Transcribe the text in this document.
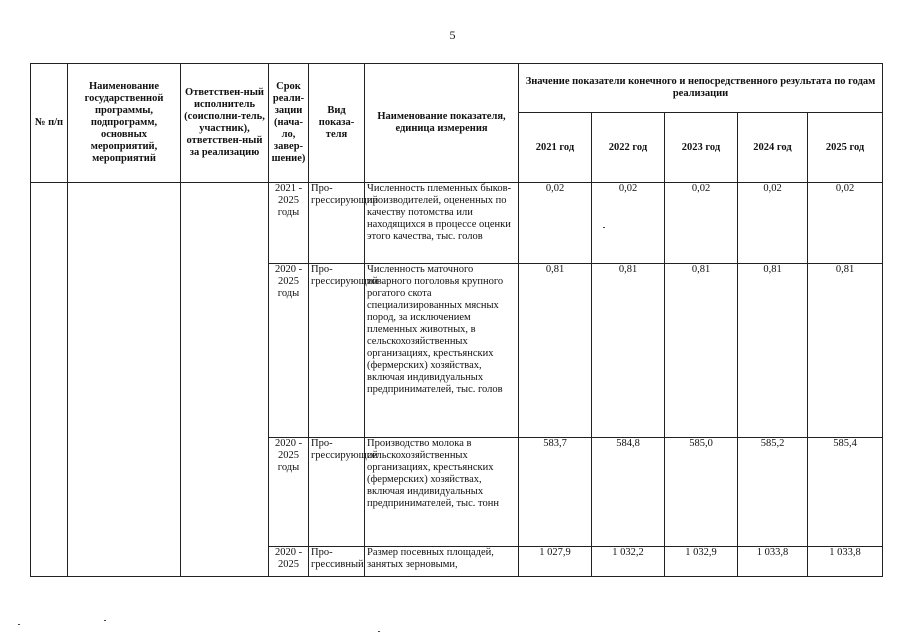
5
№ п/п	Наименование государственной программы, подпрограмм, основных мероприятий, мероприятий	Ответствен-ный исполнитель (соисполни-тель, участник), ответствен-ный за реализацию	Срок реали-зации (нача-ло, завер-шение)	Вид показа-теля	Наименование показателя, единица измерения	Значение показатели конечного и непосредственного результата по годам реализации				
						2021 год	2022 год	2023 год	2024 год	2025 год
			2021 - 2025 годы	Про-грессирующий	Численность племенных быков-производителей, оцененных по качеству потомства или находящихся в процессе оценки этого качества, тыс. голов	0,02	0,02	0,02	0,02	0,02
			2020 - 2025 годы	Про-грессирующий	Численность маточного товарного поголовья крупного рогатого скота специализированных мясных пород, за исключением племенных животных, в сельскохозяйственных организациях, крестьянских (фермерских) хозяйствах, включая индивидуальных предпринимателей, тыс. голов	0,81	0,81	0,81	0,81	0,81
			2020 - 2025 годы	Про-грессирующий	Производство молока в сельскохозяйственных организациях, крестьянских (фермерских) хозяйствах, включая индивидуальных предпринимателей, тыс. тонн	583,7	584,8	585,0	585,2	585,4
			2020 - 2025	Про-грессивный	Размер посевных площадей, занятых зерновыми,	1 027,9	1 032,2	1 032,9	1 033,8	1 033,8
